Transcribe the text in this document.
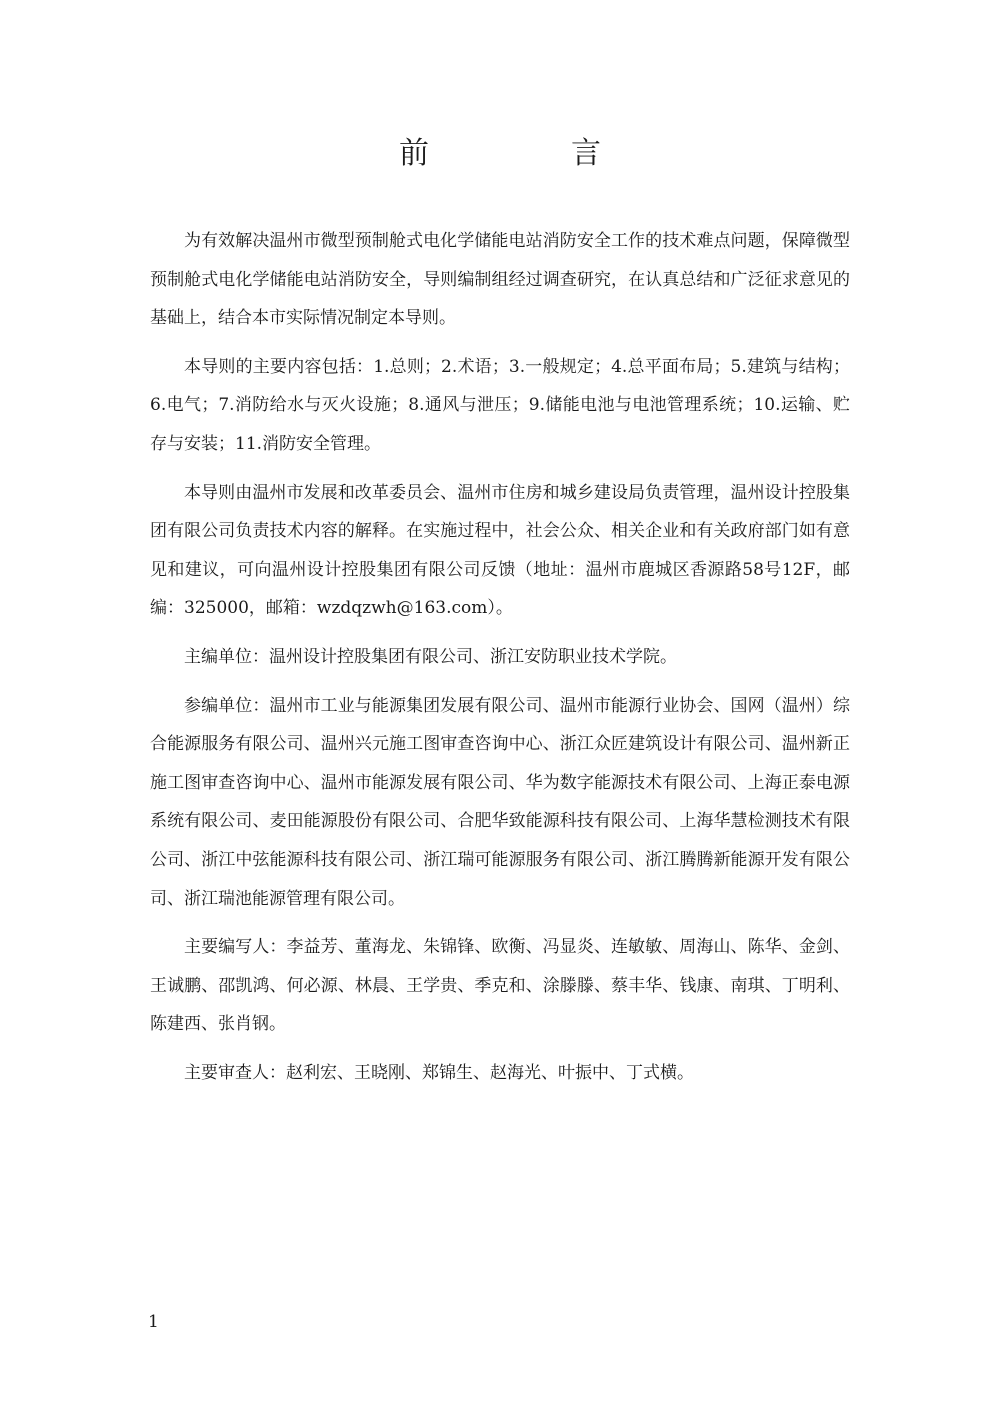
前　言

为有效解决温州市微型预制舱式电化学储能电站消防安全工作的技术难点问题，保障微型预制舱式电化学储能电站消防安全，导则编制组经过调查研究，在认真总结和广泛征求意见的基础上，结合本市实际情况制定本导则。

本导则的主要内容包括：1.总则；2.术语；3.一般规定；4.总平面布局；5.建筑与结构；6.电气；7.消防给水与灭火设施；8.通风与泄压；9.储能电池与电池管理系统；10.运输、贮存与安装；11.消防安全管理。

本导则由温州市发展和改革委员会、温州市住房和城乡建设局负责管理，温州设计控股集团有限公司负责技术内容的解释。在实施过程中，社会公众、相关企业和有关政府部门如有意见和建议，可向温州设计控股集团有限公司反馈（地址：温州市鹿城区香源路58号12F，邮编：325000，邮箱：wzdqzwh@163.com）。

主编单位：温州设计控股集团有限公司、浙江安防职业技术学院。

参编单位：温州市工业与能源集团发展有限公司、温州市能源行业协会、国网（温州）综合能源服务有限公司、温州兴元施工图审查咨询中心、浙江众匠建筑设计有限公司、温州新正施工图审查咨询中心、温州市能源发展有限公司、华为数字能源技术有限公司、上海正泰电源系统有限公司、麦田能源股份有限公司、合肥华致能源科技有限公司、上海华慧检测技术有限公司、浙江中弦能源科技有限公司、浙江瑞可能源服务有限公司、浙江腾腾新能源开发有限公司、浙江瑞池能源管理有限公司。

主要编写人：李益芳、董海龙、朱锦锋、欧衡、冯显炎、连敏敏、周海山、陈华、金剑、王诚鹏、邵凯鸿、何必源、林晨、王学贵、季克和、涂滕滕、蔡丰华、钱康、南琪、丁明利、陈建西、张肖钢。

主要审查人：赵利宏、王晓刚、郑锦生、赵海光、叶振中、丁式横。

1
